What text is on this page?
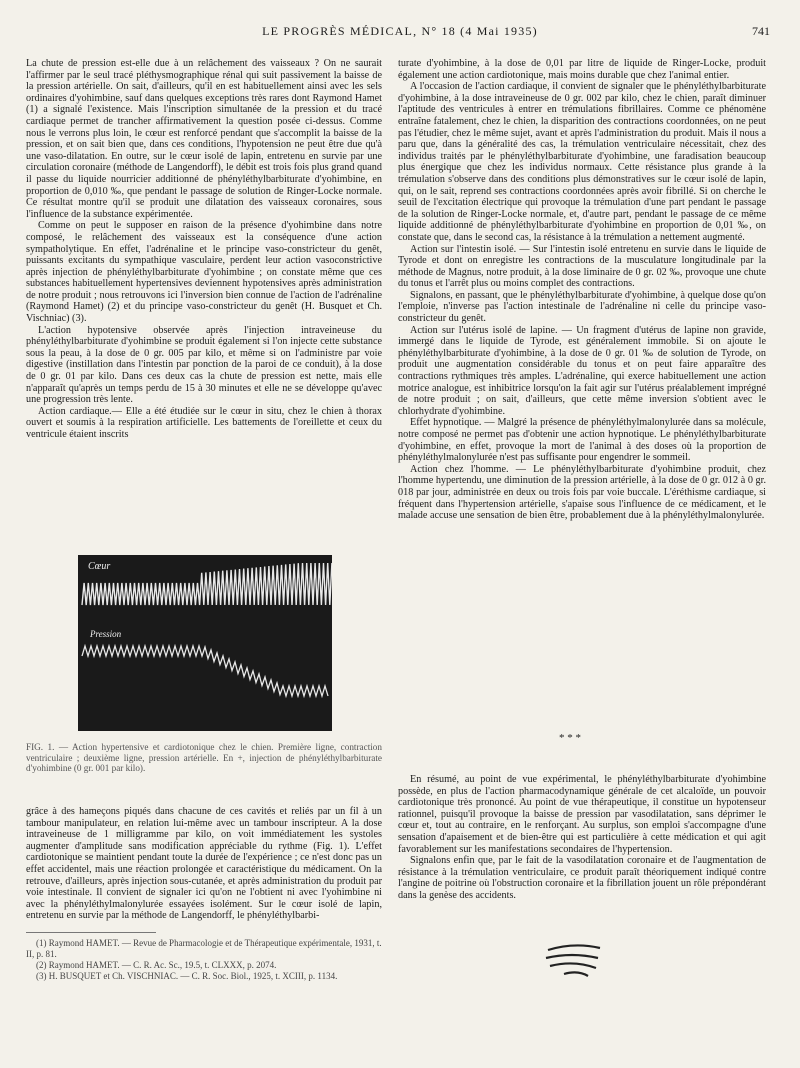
LE PROGRÈS MÉDICAL, N° 18 (4 Mai 1935)	741

La chute de pression est-elle due à un relâchement des vaisseaux ? On ne saurait l'affirmer par le seul tracé pléthysmographique rénal qui suit passivement la baisse de la pression artérielle. On sait, d'ailleurs, qu'il en est habituellement ainsi avec les sels ordinaires d'yohimbine, sauf dans quelques exceptions très rares dont Raymond Hamet (1) a signalé l'existence. Mais l'inscription simultanée de la pression et du tracé cardiaque permet de trancher affirmativement la question posée ci-dessus. Comme nous le verrons plus loin, le cœur est renforcé pendant que s'accomplit la baisse de la pression, et on sait bien que, dans ces conditions, l'hypotension ne peut être due qu'à une vaso-dilatation. En outre, sur le cœur isolé de lapin, entretenu en survie par une circulation coronaire (méthode de Langendorff), le débit est trois fois plus grand quand il passe du liquide nourricier additionné de phényléthylbarbiturate d'yohimbine, en proportion de 0,010 ‰, que pendant le passage de solution de Ringer-Locke normale. Ce résultat montre qu'il se produit une dilatation des vaisseaux coronaires, sous l'influence de la substance expérimentée.

Comme on peut le supposer en raison de la présence d'yohimbine dans notre composé, le relâchement des vaisseaux est la conséquence d'une action sympatholytique. En effet, l'adrénaline et le principe vaso-constricteur du genêt, puissants excitants du sympathique vasculaire, perdent leur action vasoconstrictive après injection de phényléthylbarbiturate d'yohimbine ; on constate même que ces substances habituellement hypertensives deviennent hypotensives après administration de notre produit ; nous retrouvons ici l'inversion bien connue de l'action de l'adrénaline (Raymond Hamet) (2) et du principe vaso-constricteur du genêt (H. Busquet et Ch. Vischniac) (3).

L'action hypotensive observée après l'injection intraveineuse du phényléthylbarbiturate d'yohimbine se produit également si l'on injecte cette substance sous la peau, à la dose de 0 gr. 005 par kilo, et même si on l'administre par voie digestive (instillation dans l'intestin par ponction de la paroi de ce conduit), à la dose de 0 gr. 01 par kilo. Dans ces deux cas la chute de pression est nette, mais elle n'apparaît qu'après un temps perdu de 15 à 30 minutes et elle ne se développe qu'avec une progression très lente.

Action cardiaque.— Elle a été étudiée sur le cœur in situ, chez le chien à thorax ouvert et soumis à la respiration artificielle. Les battements de l'oreillette et ceux du ventricule étaient inscrits

Cœur
Pression
FIG. 1. — Action hypertensive et cardiotonique chez le chien. Première ligne, contraction ventriculaire ; deuxième ligne, pression artérielle. En +, injection de phényléthylbarbiturate d'yohimbine (0 gr. 001 par kilo).

grâce à des hameçons piqués dans chacune de ces cavités et reliés par un fil à un tambour manipulateur, en relation lui-même avec un tambour inscripteur. A la dose intraveineuse de 1 milligramme par kilo, on voit immédiatement les systoles augmenter d'amplitude sans modification appréciable du rythme (Fig. 1). L'effet cardiotonique se maintient pendant toute la durée de l'expérience ; ce n'est donc pas un effet accidentel, mais une réaction prolongée et caractéristique du médicament. On la retrouve, d'ailleurs, après injection sous-cutanée, et après administration du produit par voie intestinale. Il convient de signaler ici qu'on ne l'obtient ni avec l'yohimbine ni avec la phényléthylmalonylurée essayées isolément. Sur le cœur isolé de lapin, entretenu en survie par la méthode de Langendorff, le phényléthylbarbi-

(1) Raymond HAMET. — Revue de Pharmacologie et de Thérapeutique expérimentale, 1931, t. II, p. 81.

(2) Raymond HAMET. — C. R. Ac. Sc., 19.5, t. CLXXX, p. 2074.

(3) H. BUSQUET et Ch. VISCHNIAC. — C. R. Soc. Biol., 1925, t. XCIII, p. 1134.

turate d'yohimbine, à la dose de 0,01 par litre de liquide de Ringer-Locke, produit également une action cardiotonique, mais moins durable que chez l'animal entier.

A l'occasion de l'action cardiaque, il convient de signaler que le phényléthylbarbiturate d'yohimbine, à la dose intraveineuse de 0 gr. 002 par kilo, chez le chien, paraît diminuer l'aptitude des ventricules à entrer en trémulations fibrillaires. Comme ce phénomène entraîne fatalement, chez le chien, la disparition des contractions coordonnées, on ne peut pas l'étudier, chez le même sujet, avant et après l'administration du produit. Mais il nous a paru que, dans la généralité des cas, la trémulation ventriculaire nécessitait, chez des individus traités par le phényléthylbarbiturate d'yohimbine, une faradisation beaucoup plus énergique que chez les individus normaux. Cette résistance plus grande à la trémulation s'observe dans des conditions plus démonstratives sur le cœur isolé de lapin, qui, on le sait, reprend ses contractions coordonnées après avoir fibrillé. Si on cherche le seuil de l'excitation électrique qui provoque la trémulation d'une part pendant le passage de la solution de Ringer-Locke normale, et, d'autre part, pendant le passage de ce même liquide additionné de phényléthylbarbiturate d'yohimbine en proportion de 0,01 ‰, on constate que, dans le second cas, la résistance à la trémulation a nettement augmenté.

Action sur l'intestin isolé. — Sur l'intestin isolé entretenu en survie dans le liquide de Tyrode et dont on enregistre les contractions de la musculature longitudinale par la méthode de Magnus, notre produit, à la dose liminaire de 0 gr. 02 ‰, provoque une chute du tonus et l'arrêt plus ou moins complet des contractions.

Signalons, en passant, que le phényléthylbarbiturate d'yohimbine, à quelque dose qu'on l'emploie, n'inverse pas l'action intestinale de l'adrénaline ni celle du principe vaso-constricteur du genêt.

Action sur l'utérus isolé de lapine. — Un fragment d'utérus de lapine non gravide, immergé dans le liquide de Tyrode, est généralement immobile. Si on ajoute le phényléthylbarbiturate d'yohimbine, à la dose de 0 gr. 01 ‰ de solution de Tyrode, on produit une augmentation considérable du tonus et on peut faire apparaître des contractions rythmiques très amples. L'adrénaline, qui exerce habituellement une action motrice analogue, est inhibitrice lorsqu'on la fait agir sur l'utérus préalablement imprégné de notre produit ; on sait, d'ailleurs, que cette même inversion s'obtient avec le chlorhydrate d'yohimbine.

Effet hypnotique. — Malgré la présence de phényléthylmalonylurée dans sa molécule, notre composé ne permet pas d'obtenir une action hypnotique. Le phényléthylbarbiturate d'yohimbine, en effet, provoque la mort de l'animal à des doses où la proportion de phényléthylmalonylurée n'est pas suffisante pour engendrer le sommeil.

Action chez l'homme. — Le phényléthylbarbiturate d'yohimbine produit, chez l'homme hypertendu, une diminution de la pression artérielle, à la dose de 0 gr. 012 à 0 gr. 018 par jour, administrée en deux ou trois fois par voie buccale. L'éréthisme cardiaque, si fréquent dans l'hypertension artérielle, s'apaise sous l'influence de ce médicament, et le malade accuse une sensation de bien être, probablement due à la phényléthylmalonylurée.

* * *

En résumé, au point de vue expérimental, le phényléthylbarbiturate d'yohimbine possède, en plus de l'action pharmacodynamique générale de cet alcaloïde, un pouvoir cardiotonique très prononcé. Au point de vue thérapeutique, il constitue un hypotenseur rationnel, puisqu'il provoque la baisse de pression par vasodilatation, sans déprimer le cœur et, tout au contraire, en le renforçant. Au surplus, son emploi s'accompagne d'une sensation d'apaisement et de bien-être qui est particulière à cette médication et qui agit favorablement sur les manifestations secondaires de l'hypertension.

Signalons enfin que, par le fait de la vasodilatation coronaire et de l'augmentation de résistance à la trémulation ventriculaire, ce produit paraît théoriquement indiqué contre l'angine de poitrine où l'obstruction coronaire et la fibrillation jouent un rôle prépondérant dans la genèse des accidents.
